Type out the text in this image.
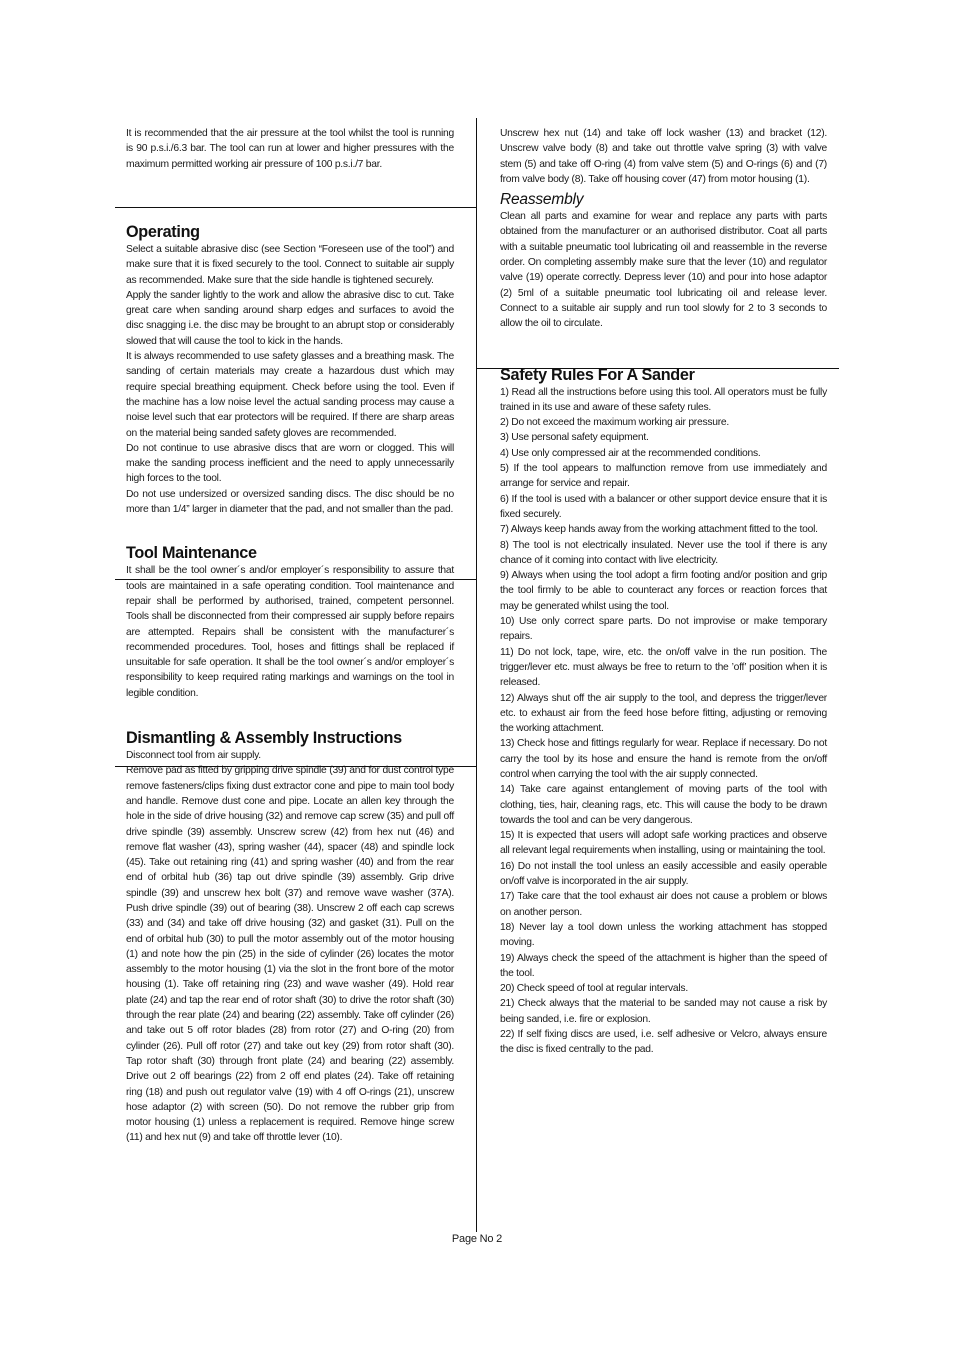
It is recommended that the air pressure at the tool whilst the tool is running is 90 p.s.i./6.3 bar. The tool can run at lower and higher pressures with the maximum permitted working air pressure of 100 p.s.i./7 bar.

Operating

Select a suitable abrasive disc (see Section “Foreseen use of the tool”) and make sure that it is fixed securely to the tool. Connect to suitable air supply as recommended. Make sure that the side handle is tightened securely.

Apply the sander lightly to the work and allow the abrasive disc to cut. Take great care when sanding around sharp edges and surfaces to avoid the disc snagging i.e. the disc may be brought to an abrupt stop or considerably slowed that will cause the tool to kick in the hands.

It is always recommended to use safety glasses and a breathing mask. The sanding of certain materials may create a hazardous dust which may require special breathing equipment. Check before using the tool. Even if the machine has a low noise level the actual sanding process may cause a noise level such that ear protectors will be required. If there are sharp areas on the material being sanded safety gloves are recommended.

Do not continue to use abrasive discs that are worn or clogged. This will make the sanding process inefficient and the need to apply unnecessarily high forces to the tool.

Do not use undersized or oversized sanding discs. The disc should be no more than 1/4” larger in diameter that the pad, and not smaller than the pad.

Tool Maintenance

It shall be the tool owner´s and/or employer´s responsibility to assure that tools are maintained in a safe operating condition. Tool maintenance and repair shall be performed by authorised, trained, competent personnel. Tools shall be disconnected from their compressed air supply before repairs are attempted. Repairs shall be consistent with the manufacturer´s recommended procedures. Tool, hoses and fittings shall be replaced if unsuitable for safe operation. It shall be the tool owner´s and/or employer´s responsibility to keep required rating markings and warnings on the tool in legible condition.

Dismantling & Assembly Instructions

Disconnect tool from air supply.

Remove pad as fitted by gripping drive spindle (39) and for dust control type remove fasteners/clips fixing dust extractor cone and pipe to main tool body and handle. Remove dust cone and pipe. Locate an allen key through the hole in the side of drive housing (32) and remove cap screw (35) and pull off drive spindle (39) assembly. Unscrew screw (42) from hex nut (46) and remove flat washer (43), spring washer (44), spacer (48) and spindle lock (45). Take out retaining ring (41) and spring washer (40) and from the rear end of orbital hub (36) tap out drive spindle (39) assembly. Grip drive spindle (39) and unscrew hex bolt (37) and remove wave washer (37A). Push drive spindle (39) out of bearing (38). Unscrew 2 off each cap screws (33) and (34) and take off drive housing (32) and gasket (31). Pull on the end of orbital hub (30) to pull the motor assembly out of the motor housing (1) and note how the pin (25) in the side of cylinder (26) locates the motor assembly to the motor housing (1) via the slot in the front bore of the motor housing (1). Take off retaining ring (23) and wave washer (49). Hold rear plate (24) and tap the rear end of rotor shaft (30) to drive the rotor shaft (30) through the rear plate (24) and bearing (22) assembly. Take off cylinder (26) and take out 5 off rotor blades (28) from rotor (27) and O-ring (20) from cylinder (26). Pull off rotor (27) and take out key (29) from rotor shaft (30). Tap rotor shaft (30) through front plate (24) and bearing (22) assembly. Drive out 2 off bearings (22) from 2 off end plates (24). Take off retaining ring (18) and push out regulator valve (19) with 4 off O-rings (21), unscrew hose adaptor (2) with screen (50). Do not remove the rubber grip from motor housing (1) unless a replacement is required. Remove hinge screw (11) and hex nut (9) and take off throttle lever (10).

Unscrew hex nut (14) and take off lock washer (13) and bracket (12). Unscrew valve body (8) and take out throttle valve spring (3) with valve stem (5) and take off O-ring (4) from valve stem (5) and O-rings (6) and (7) from valve body (8). Take off housing cover (47) from motor housing (1).

Reassembly

Clean all parts and examine for wear and replace any parts with parts obtained from the manufacturer or an authorised distributor. Coat all parts with a suitable pneumatic tool lubricating oil and reassemble in the reverse order. On completing assembly make sure that the lever (10) and regulator valve (19) operate correctly. Depress lever (10) and pour into hose adaptor (2) 5ml of a suitable pneumatic tool lubricating oil and release lever. Connect to a suitable air supply and run tool slowly for 2 to 3 seconds to allow the oil to circulate.

Safety Rules For A Sander

1) Read all the instructions before using this tool. All operators must be fully trained in its use and aware of these safety rules.

2) Do not exceed the maximum working air pressure.

3) Use personal safety equipment.

4) Use only compressed air at the recommended conditions.

5) If the tool appears to malfunction remove from use immediately and arrange for service and repair.

6) If the tool is used with a balancer or other support device ensure that it is fixed securely.

7) Always keep hands away from the working attachment fitted to the tool.

8) The tool is not electrically insulated. Never use the tool if there is any chance of it coming into contact with live electricity.

9) Always when using the tool adopt a firm footing and/or position and grip the tool firmly to be able to counteract any forces or reaction forces that may be generated whilst using the tool.

10) Use only correct spare parts. Do not improvise or make temporary repairs.

11) Do not lock, tape, wire, etc. the on/off valve in the run position. The trigger/lever etc. must always be free to return to the ’off’ position when it is released.

12) Always shut off the air supply to the tool, and depress the trigger/lever etc. to exhaust air from the feed hose before fitting, adjusting or removing the working attachment.

13) Check hose and fittings regularly for wear. Replace if necessary. Do not carry the tool by its hose and ensure the hand is remote from the on/off control when carrying the tool with the air supply connected.

14) Take care against entanglement of moving parts of the tool with clothing, ties, hair, cleaning rags, etc. This will cause the body to be drawn towards the tool and can be very dangerous.

15) It is expected that users will adopt safe working practices and observe all relevant legal requirements when installing, using or maintaining the tool.

16) Do not install the tool unless an easily accessible and easily operable on/off valve is incorporated in the air supply.

17) Take care that the tool exhaust air does not cause a problem or blows on another person.

18) Never lay a tool down unless the working attachment has stopped moving.

19) Always check the speed of the attachment is higher than the speed of the tool.

20) Check speed of tool at regular intervals.

21) Check always that the material to be sanded may not cause a risk by being sanded, i.e. fire or explosion.

22) If self fixing discs are used, i.e. self adhesive or Velcro, always ensure the disc is fixed centrally to the pad.

Page No 2
